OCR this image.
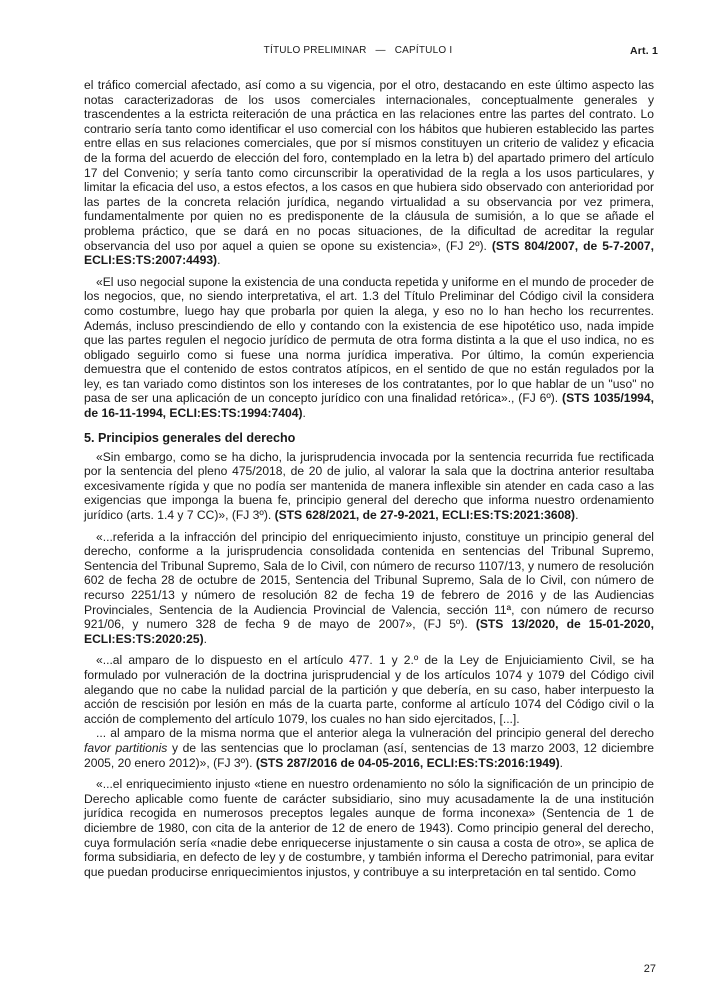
TÍTULO PRELIMINAR — CAPÍTULO I	Art. 1

el tráfico comercial afectado, así como a su vigencia, por el otro, destacando en este último aspecto las notas caracterizadoras de los usos comerciales internacionales, conceptualmente generales y trascendentes a la estricta reiteración de una práctica en las relaciones entre las partes del contrato. Lo contrario sería tanto como identificar el uso comercial con los hábitos que hubieren establecido las partes entre ellas en sus relaciones comerciales, que por sí mismos constituyen un criterio de validez y eficacia de la forma del acuerdo de elección del foro, contemplado en la letra b) del apartado primero del artículo 17 del Convenio; y sería tanto como circunscribir la operatividad de la regla a los usos particulares, y limitar la eficacia del uso, a estos efectos, a los casos en que hubiera sido observado con anterioridad por las partes de la concreta relación jurídica, negando virtualidad a su observancia por vez primera, fundamentalmente por quien no es predisponente de la cláusula de sumisión, a lo que se añade el problema práctico, que se dará en no pocas situaciones, de la dificultad de acreditar la regular observancia del uso por aquel a quien se opone su existencia», (FJ 2º). (STS 804/2007, de 5-7-2007, ECLI:ES:TS:2007:4493).

«El uso negocial supone la existencia de una conducta repetida y uniforme en el mundo de proceder de los negocios, que, no siendo interpretativa, el art. 1.3 del Título Preliminar del Código civil la considera como costumbre, luego hay que probarla por quien la alega, y eso no lo han hecho los recurrentes. Además, incluso prescindiendo de ello y contando con la existencia de ese hipotético uso, nada impide que las partes regulen el negocio jurídico de permuta de otra forma distinta a la que el uso indica, no es obligado seguirlo como si fuese una norma jurídica imperativa. Por último, la común experiencia demuestra que el contenido de estos contratos atípicos, en el sentido de que no están regulados por la ley, es tan variado como distintos son los intereses de los contratantes, por lo que hablar de un "uso" no pasa de ser una aplicación de un concepto jurídico con una finalidad retórica»., (FJ 6º). (STS 1035/1994, de 16-11-1994, ECLI:ES:TS:1994:7404).

5. Principios generales del derecho

«Sin embargo, como se ha dicho, la jurisprudencia invocada por la sentencia recurrida fue rectificada por la sentencia del pleno 475/2018, de 20 de julio, al valorar la sala que la doctrina anterior resultaba excesivamente rígida y que no podía ser mantenida de manera inflexible sin atender en cada caso a las exigencias que imponga la buena fe, principio general del derecho que informa nuestro ordenamiento jurídico (arts. 1.4 y 7 CC)», (FJ 3º). (STS 628/2021, de 27-9-2021, ECLI:ES:TS:2021:3608).

«...referida a la infracción del principio del enriquecimiento injusto, constituye un principio general del derecho, conforme a la jurisprudencia consolidada contenida en sentencias del Tribunal Supremo, Sentencia del Tribunal Supremo, Sala de lo Civil, con número de recurso 1107/13, y numero de resolución 602 de fecha 28 de octubre de 2015, Sentencia del Tribunal Supremo, Sala de lo Civil, con número de recurso 2251/13 y número de resolución 82 de fecha 19 de febrero de 2016 y de las Audiencias Provinciales, Sentencia de la Audiencia Provincial de Valencia, sección 11ª, con número de recurso 921/06, y numero 328 de fecha 9 de mayo de 2007», (FJ 5º). (STS 13/2020, de 15-01-2020, ECLI:ES:TS:2020:25).

«...al amparo de lo dispuesto en el artículo 477. 1 y 2.º de la Ley de Enjuiciamiento Civil, se ha formulado por vulneración de la doctrina jurisprudencial y de los artículos 1074 y 1079 del Código civil alegando que no cabe la nulidad parcial de la partición y que debería, en su caso, haber interpuesto la acción de rescisión por lesión en más de la cuarta parte, conforme al artículo 1074 del Código civil o la acción de complemento del artículo 1079, los cuales no han sido ejercitados, [...].

... al amparo de la misma norma que el anterior alega la vulneración del principio general del derecho favor partitionis y de las sentencias que lo proclaman (así, sentencias de 13 marzo 2003, 12 diciembre 2005, 20 enero 2012)», (FJ 3º). (STS 287/2016 de 04-05-2016, ECLI:ES:TS:2016:1949).

«...el enriquecimiento injusto «tiene en nuestro ordenamiento no sólo la significación de un principio de Derecho aplicable como fuente de carácter subsidiario, sino muy acusadamente la de una institución jurídica recogida en numerosos preceptos legales aunque de forma inconexa» (Sentencia de 1 de diciembre de 1980, con cita de la anterior de 12 de enero de 1943). Como principio general del derecho, cuya formulación sería «nadie debe enriquecerse injustamente o sin causa a costa de otro», se aplica de forma subsidiaria, en defecto de ley y de costumbre, y también informa el Derecho patrimonial, para evitar que puedan producirse enriquecimientos injustos, y contribuye a su interpretación en tal sentido. Como

27
